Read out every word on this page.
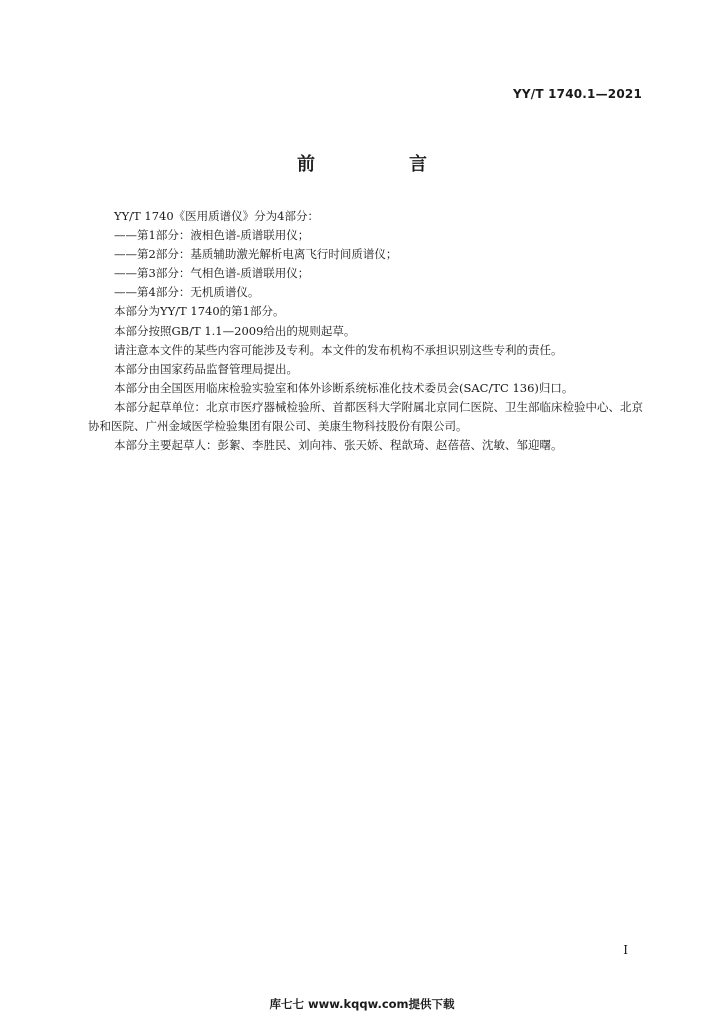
YY/T 1740.1—2021
前　言

YY/T 1740《医用质谱仪》分为4部分：

——第1部分：液相色谱-质谱联用仪；

——第2部分：基质辅助激光解析电离飞行时间质谱仪；

——第3部分：气相色谱-质谱联用仪；

——第4部分：无机质谱仪。

本部分为YY/T 1740的第1部分。

本部分按照GB/T 1.1—2009给出的规则起草。

请注意本文件的某些内容可能涉及专利。本文件的发布机构不承担识别这些专利的责任。

本部分由国家药品监督管理局提出。

本部分由全国医用临床检验实验室和体外诊断系统标准化技术委员会(SAC/TC 136)归口。

本部分起草单位：北京市医疗器械检验所、首都医科大学附属北京同仁医院、卫生部临床检验中心、北京协和医院、广州金域医学检验集团有限公司、美康生物科技股份有限公司。

本部分主要起草人：彭絮、李胜民、刘向祎、张天娇、程歆琦、赵蓓蓓、沈敏、邹迎曙。

I
库七七 www.kqqw.com提供下载
